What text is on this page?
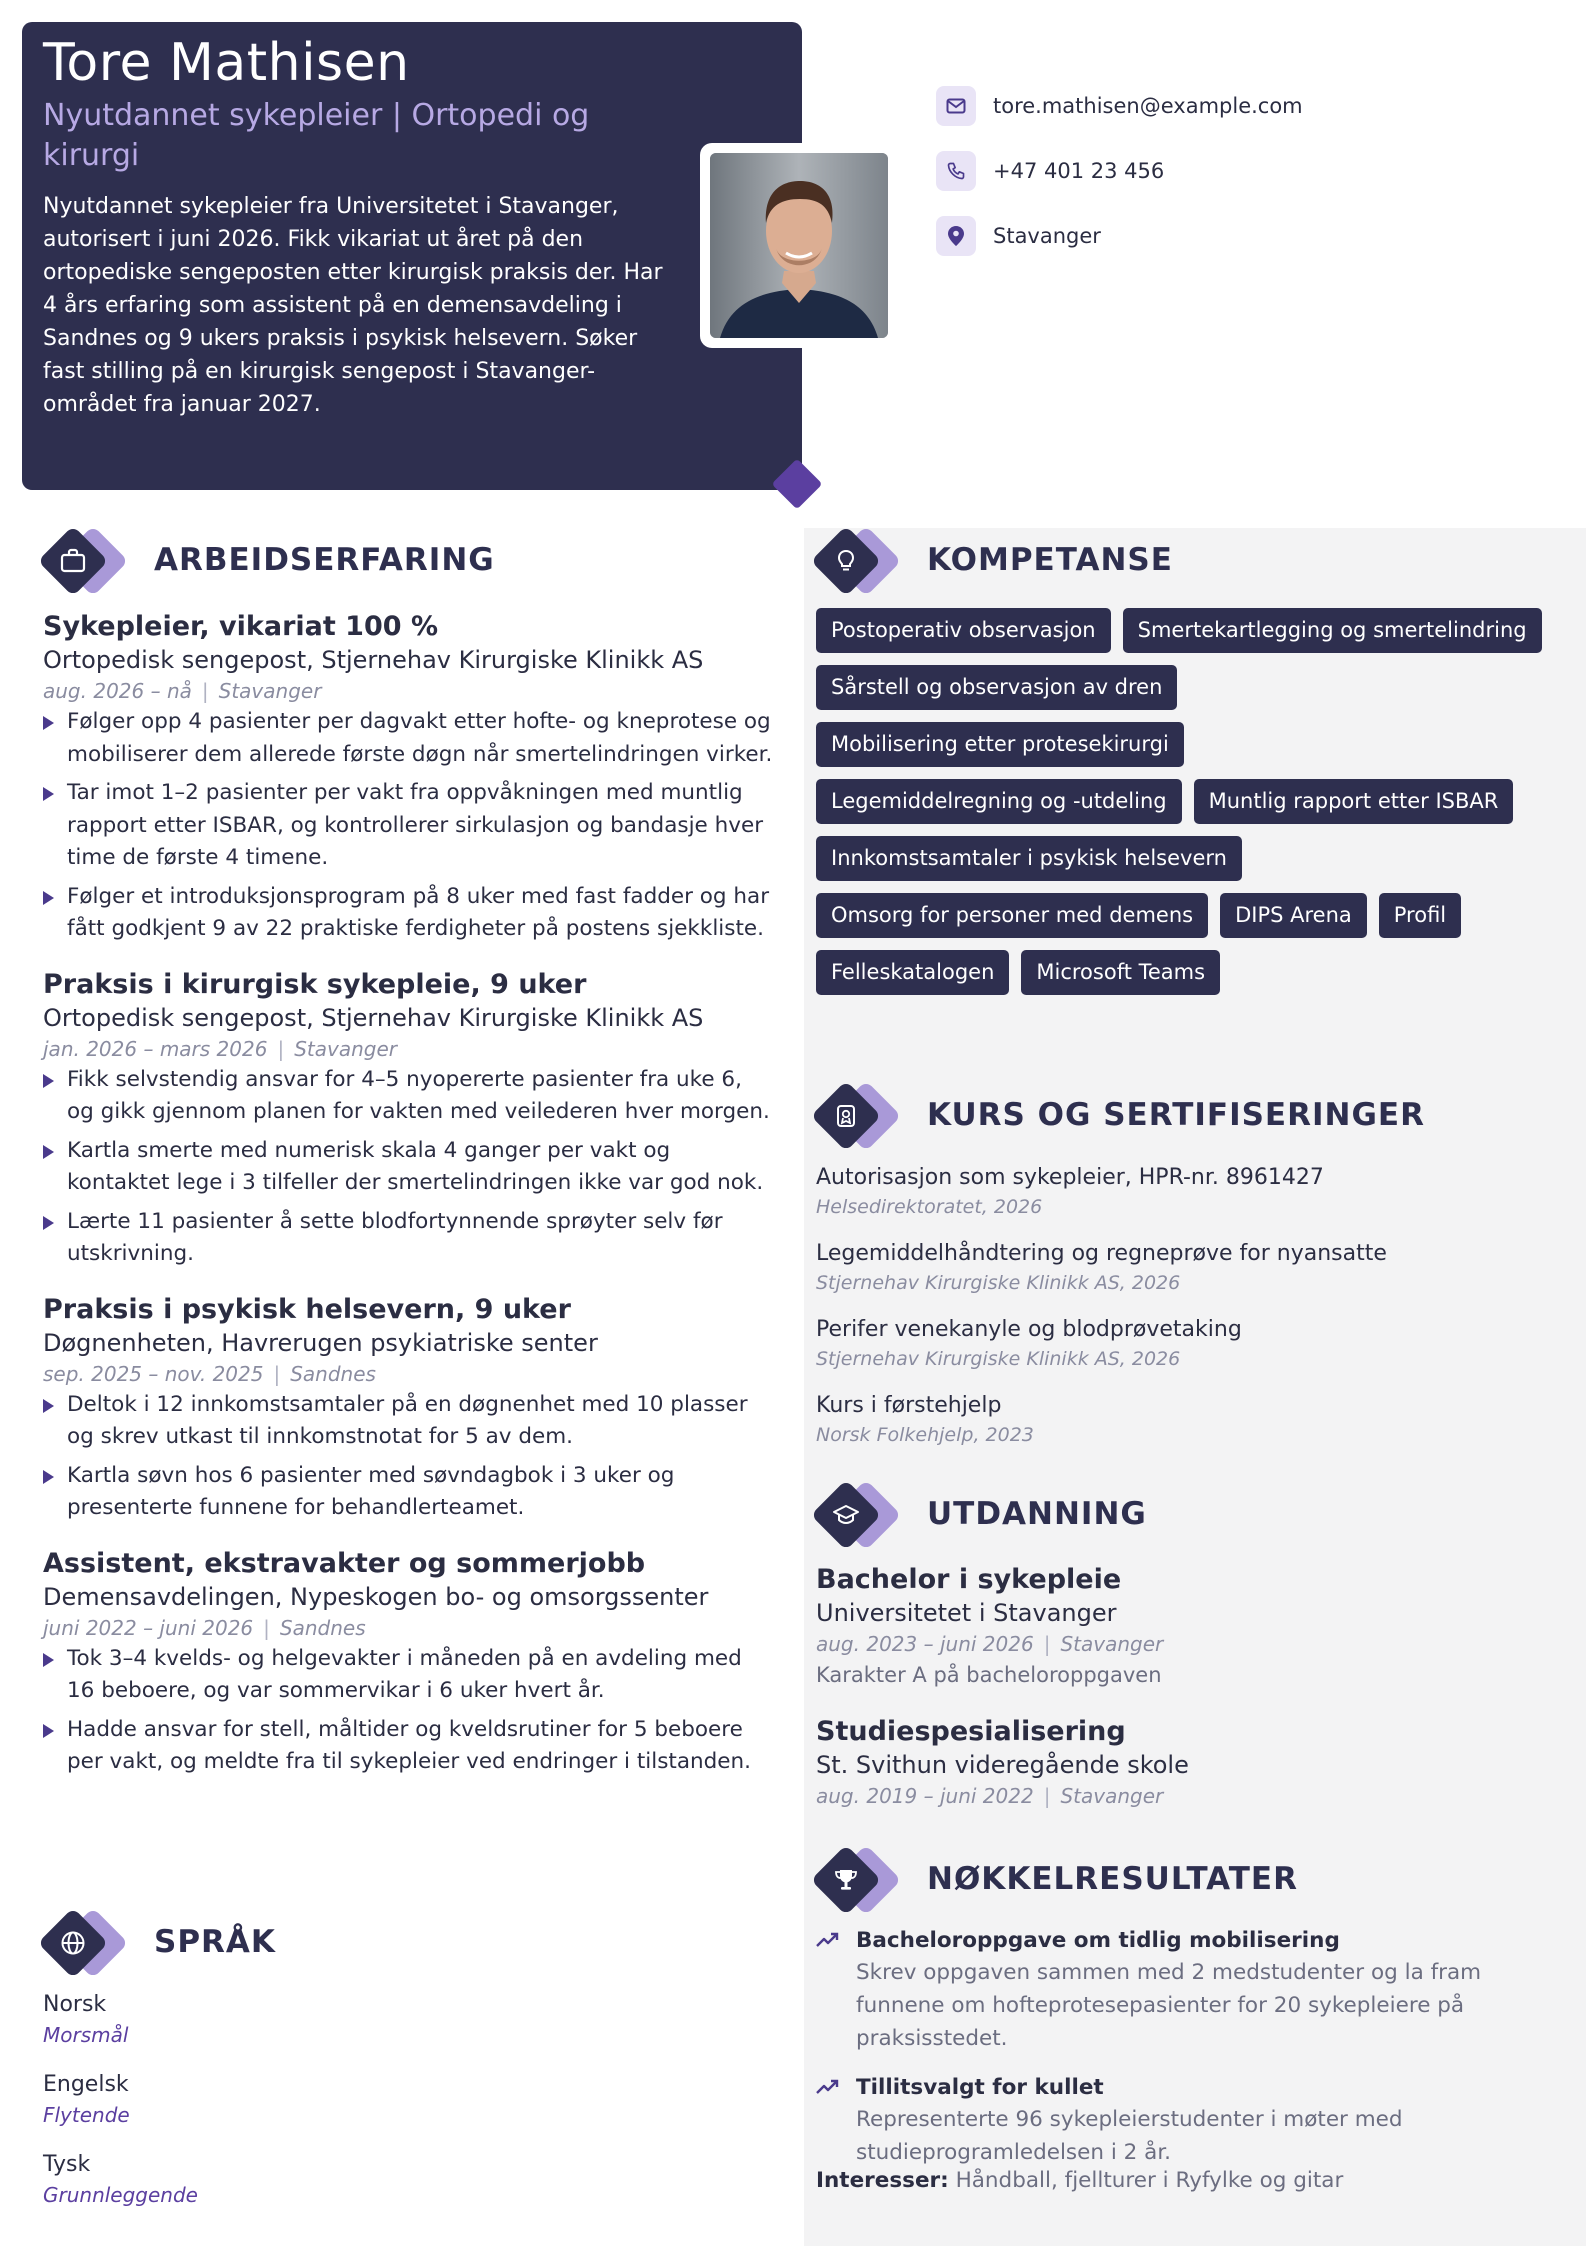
Tore Mathisen
Nyutdannet sykepleier | Ortopedi og kirurgi
Nyutdannet sykepleier fra Universitetet i Stavanger, autorisert i juni 2026. Fikk vikariat ut året på den ortopediske sengeposten etter kirurgisk praksis der. Har 4 års erfaring som assistent på en demensavdeling i Sandnes og 9 ukers praksis i psykisk helsevern. Søker fast stilling på en kirurgisk sengepost i Stavanger-området fra januar 2027.
tore.mathisen@example.com
+47 401 23 456
Stavanger
ARBEIDSERFARING
Sykepleier, vikariat 100 %
Ortopedisk sengepost, Stjernehav Kirurgiske Klinikk AS
aug. 2026 – nå | Stavanger
Følger opp 4 pasienter per dagvakt etter hofte- og kneprotese og mobiliserer dem allerede første døgn når smertelindringen virker.
Tar imot 1–2 pasienter per vakt fra oppvåkningen med muntlig rapport etter ISBAR, og kontrollerer sirkulasjon og bandasje hver time de første 4 timene.
Følger et introduksjonsprogram på 8 uker med fast fadder og har fått godkjent 9 av 22 praktiske ferdigheter på postens sjekkliste.
Praksis i kirurgisk sykepleie, 9 uker
Ortopedisk sengepost, Stjernehav Kirurgiske Klinikk AS
jan. 2026 – mars 2026 | Stavanger
Fikk selvstendig ansvar for 4–5 nyopererte pasienter fra uke 6, og gikk gjennom planen for vakten med veilederen hver morgen.
Kartla smerte med numerisk skala 4 ganger per vakt og kontaktet lege i 3 tilfeller der smertelindringen ikke var god nok.
Lærte 11 pasienter å sette blodfortynnende sprøyter selv før utskrivning.
Praksis i psykisk helsevern, 9 uker
Døgnenheten, Havrerugen psykiatriske senter
sep. 2025 – nov. 2025 | Sandnes
Deltok i 12 innkomstsamtaler på en døgnenhet med 10 plasser og skrev utkast til innkomstnotat for 5 av dem.
Kartla søvn hos 6 pasienter med søvndagbok i 3 uker og presenterte funnene for behandlerteamet.
Assistent, ekstravakter og sommerjobb
Demensavdelingen, Nypeskogen bo- og omsorgssenter
juni 2022 – juni 2026 | Sandnes
Tok 3–4 kvelds- og helgevakter i måneden på en avdeling med 16 beboere, og var sommervikar i 6 uker hvert år.
Hadde ansvar for stell, måltider og kveldsrutiner for 5 beboere per vakt, og meldte fra til sykepleier ved endringer i tilstanden.
SPRÅK
Norsk
Morsmål
Engelsk
Flytende
Tysk
Grunnleggende
KOMPETANSE
Postoperativ observasjon	Smertekartlegging og smertelindring
Sårstell og observasjon av dren
Mobilisering etter protesekirurgi
Legemiddelregning og -utdeling	Muntlig rapport etter ISBAR
Innkomstsamtaler i psykisk helsevern
Omsorg for personer med demens	DIPS Arena	Profil
Felleskatalogen	Microsoft Teams
KURS OG SERTIFISERINGER
Autorisasjon som sykepleier, HPR-nr. 8961427
Helsedirektoratet, 2026
Legemiddelhåndtering og regneprøve for nyansatte
Stjernehav Kirurgiske Klinikk AS, 2026
Perifer venekanyle og blodprøvetaking
Stjernehav Kirurgiske Klinikk AS, 2026
Kurs i førstehjelp
Norsk Folkehjelp, 2023
UTDANNING
Bachelor i sykepleie
Universitetet i Stavanger
aug. 2023 – juni 2026 | Stavanger
Karakter A på bacheloroppgaven
Studiespesialisering
St. Svithun videregående skole
aug. 2019 – juni 2022 | Stavanger
NØKKELRESULTATER
Bacheloroppgave om tidlig mobilisering
Skrev oppgaven sammen med 2 medstudenter og la fram funnene om hofteprotesepasienter for 20 sykepleiere på praksisstedet.
Tillitsvalgt for kullet
Representerte 96 sykepleierstudenter i møter med studieprogramledelsen i 2 år.
Interesser: Håndball, fjellturer i Ryfylke og gitar
